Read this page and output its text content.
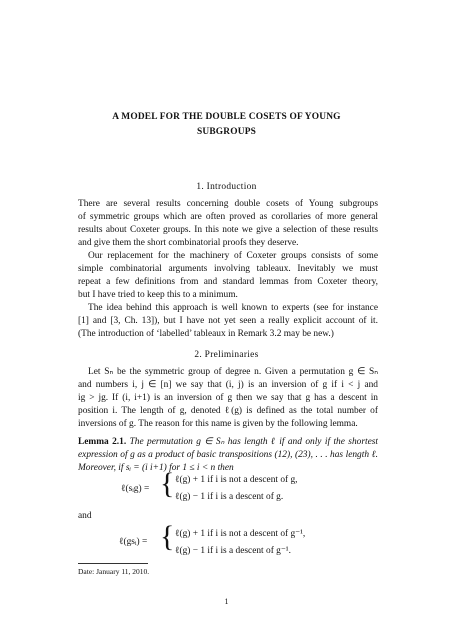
A MODEL FOR THE DOUBLE COSETS OF YOUNG SUBGROUPS
1. Introduction
There are several results concerning double cosets of Young subgroups
of symmetric groups which are often proved as corollaries of more general
results about Coxeter groups. In this note we give a selection of these results
and give them the short combinatorial proofs they deserve.
Our replacement for the machinery of Coxeter groups consists of some
simple combinatorial arguments involving tableaux. Inevitably we must
repeat a few definitions from and standard lemmas from Coxeter theory,
but I have tried to keep this to a minimum.
The idea behind this approach is well known to experts (see for instance
[1] and [3, Ch. 13]), but I have not yet seen a really explicit account of it.
(The introduction of ‘labelled’ tableaux in Remark 3.2 may be new.)
2. Preliminaries
Let Sₙ be the symmetric group of degree n. Given a permutation g ∈ Sₙ
and numbers i, j ∈ [n] we say that (i, j) is an inversion of g if i < j and
ig > jg. If (i, i+1) is an inversion of g then we say that g has a descent in
position i. The length of g, denoted ℓ(g) is defined as the total number of
inversions of g. The reason for this name is given by the following lemma.
Lemma 2.1. The permutation g ∈ Sₙ has length ℓ if and only if the shortest
expression of g as a product of basic transpositions (12), (23), . . . has length ℓ.
Moreover, if sᵢ = (i i+1) for 1 ≤ i < n then
ℓ(sᵢg) = { ℓ(g) + 1 if i is not a descent of g,
ℓ(g) − 1 if i is a descent of g.
and
ℓ(gsᵢ) = { ℓ(g) + 1 if i is not a descent of g⁻¹,
ℓ(g) − 1 if i is a descent of g⁻¹.
Date: January 11, 2010.
1
